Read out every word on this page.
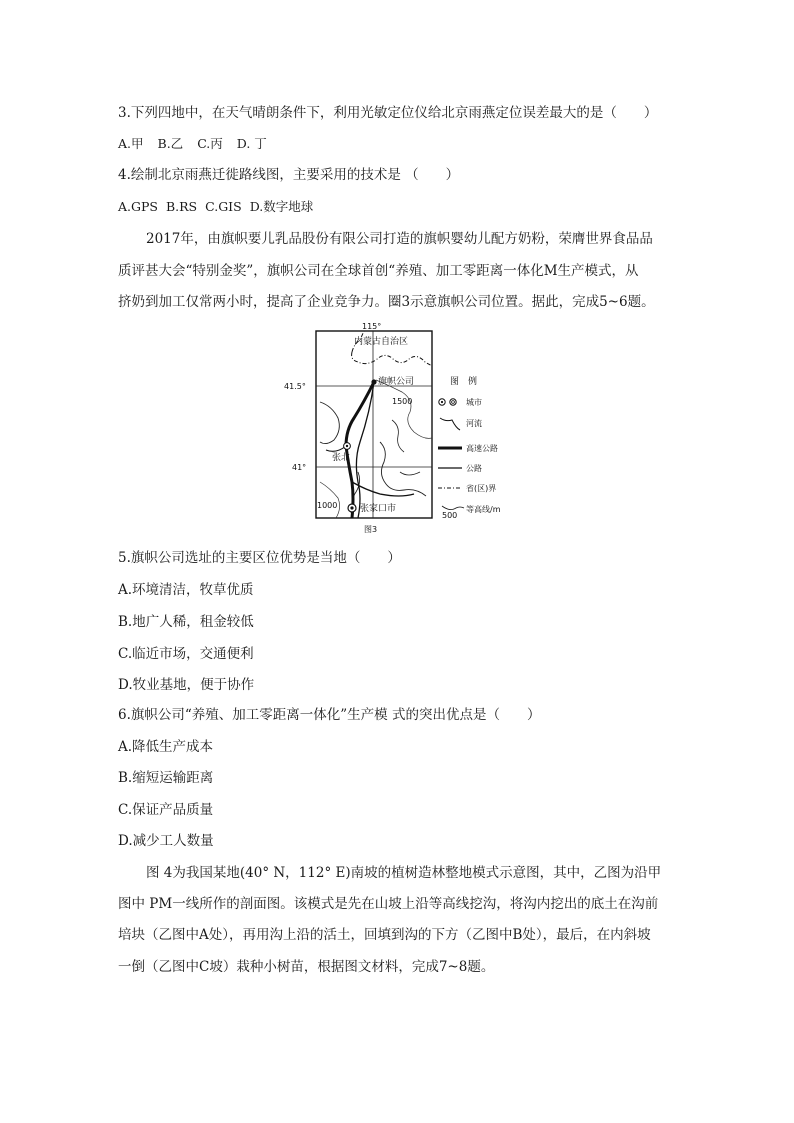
3.下列四地中，在天气晴朗条件下，利用光敏定位仪给北京雨燕定位误差最大的是（　　）
A.甲 B.乙 C.丙 D. 丁
4.绘制北京雨燕迁徙路线图，主要采用的技术是 （　　）
A.GPS B.RS C.GIS D.数字地球
2017年，由旗帜要儿乳品股份有限公司打造的旗帜婴幼儿配方奶粉，荣膺世界食品品
质评甚大会“特别金奖”，旗帜公司在全球首创“养殖、加工零距离一体化M生产模式，从
挤奶到加工仅常两小时，提高了企业竞争力。圈3示意旗帜公司位置。据此，完成5~6题。
115°
41.5°
41°
内蒙古自治区
1500
1000
旗帜公司
张北
张家口市
图3
图　例
城市
河流
高速公路
公路
省(区)界
500
等高线/m
5.旗帜公司选址的主要区位优势是当地（　　）
A.环境清洁，牧草优质
B.地广人稀，租金较低
C.临近市场，交通便利
D.牧业基地，便于协作
6.旗帜公司“养殖、加工零距离一体化”生产模 式的突出优点是（　　）
A.降低生产成本
B.缩短运输距离
C.保证产品质量
D.减少工人数量
图 4为我国某地(40° N，112° E)南坡的植树造林整地模式示意图，其中，乙图为沿甲
图中 PM一线所作的剖面图。该模式是先在山坡上沿等高线挖沟，将沟内挖出的底土在沟前
培块（乙图中A处），再用沟上沿的活土，回填到沟的下方（乙图中B处），最后，在内斜坡
一倒（乙图中C坡）栽种小树苗，根据图文材料，完成7~8题。
